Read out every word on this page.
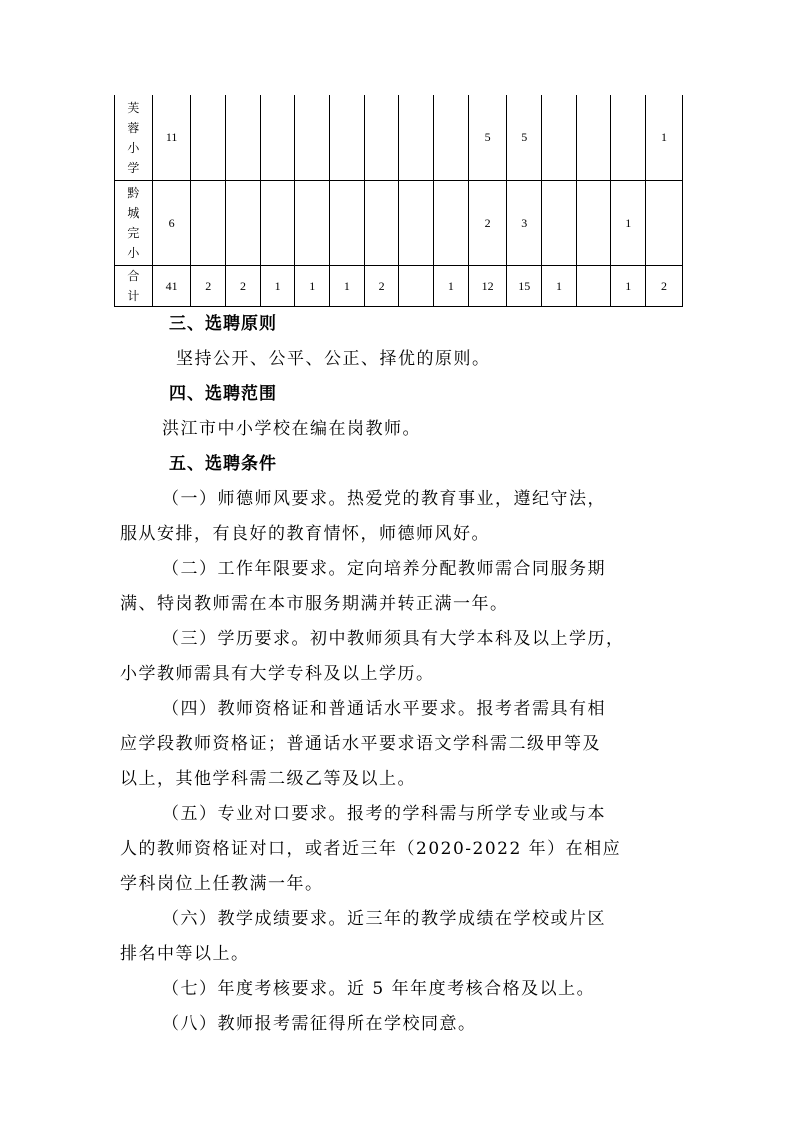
芙
蓉
小
学	11									5	5				1

黔
城
完
小	6									2	3			1	

合
计	41	2	2	1	1	1	2		1	12	15	1		1	2
三、选聘原则
坚持公开、公平、公正、择优的原则。
四、选聘范围
洪江市中小学校在编在岗教师。
五、选聘条件
（一）师德师风要求。热爱党的教育事业，遵纪守法，
服从安排，有良好的教育情怀，师德师风好。
（二）工作年限要求。定向培养分配教师需合同服务期
满、特岗教师需在本市服务期满并转正满一年。
（三）学历要求。初中教师须具有大学本科及以上学历，
小学教师需具有大学专科及以上学历。
（四）教师资格证和普通话水平要求。报考者需具有相
应学段教师资格证；普通话水平要求语文学科需二级甲等及
以上，其他学科需二级乙等及以上。
（五）专业对口要求。报考的学科需与所学专业或与本
人的教师资格证对口，或者近三年（2020-2022 年）在相应
学科岗位上任教满一年。
（六）教学成绩要求。近三年的教学成绩在学校或片区
排名中等以上。
（七）年度考核要求。近 5 年年度考核合格及以上。
（八）教师报考需征得所在学校同意。
